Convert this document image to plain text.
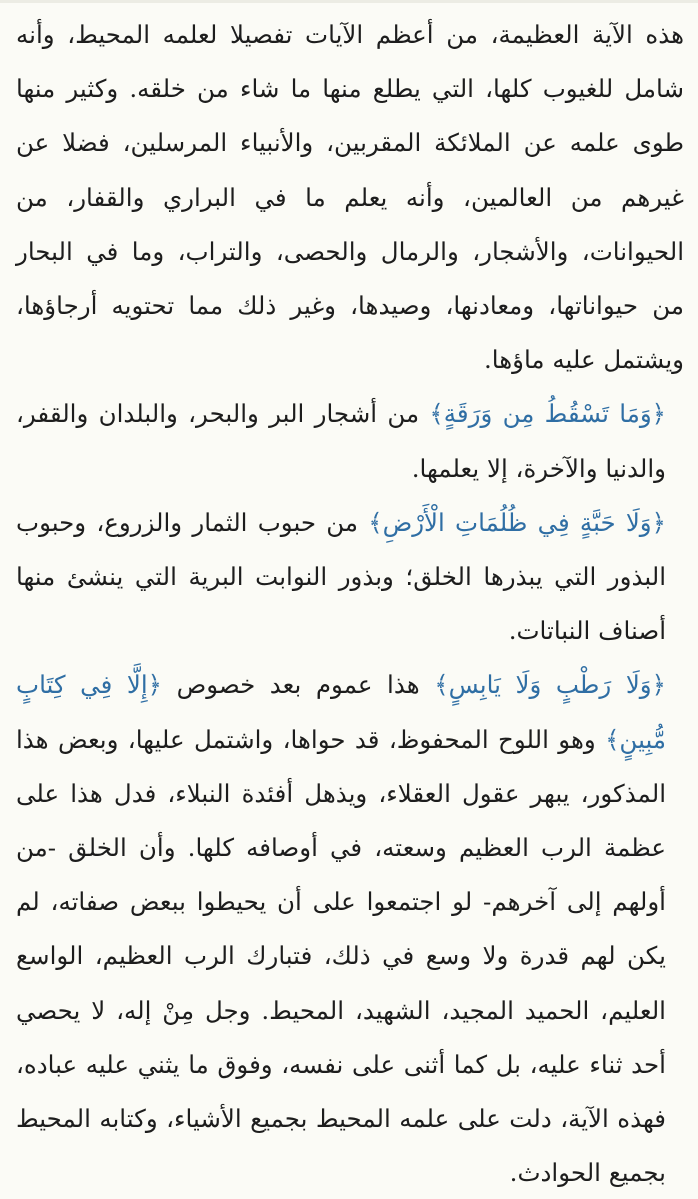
هذه الآية العظيمة، من أعظم الآيات تفصيلا لعلمه المحيط، وأنه شامل للغيوب كلها، التي يطلع منها ما شاء من خلقه. وكثير منها طوى علمه عن الملائكة المقربين، والأنبياء المرسلين، فضلا عن غيرهم من العالمين، وأنه يعلم ما في البراري والقفار، من الحيوانات، والأشجار، والرمال والحصى، والتراب، وما في البحار من حيواناتها، ومعادنها، وصيدها، وغير ذلك مما تحتويه أرجاؤها، ويشتمل عليه ماؤها.

﴿وَمَا تَسْقُطُ مِن وَرَقَةٍ﴾ من أشجار البر والبحر، والبلدان والقفر، والدنيا والآخرة، إلا يعلمها.

﴿وَلَا حَبَّةٍ فِي ظُلُمَاتِ الْأَرْضِ﴾ من حبوب الثمار والزروع، وحبوب البذور التي يبذرها الخلق؛ وبذور النوابت البرية التي ينشئ منها أصناف النباتات.

﴿وَلَا رَطْبٍ وَلَا يَابِسٍ﴾ هذا عموم بعد خصوص ﴿إِلَّا فِي كِتَابٍ مُّبِينٍ﴾ وهو اللوح المحفوظ، قد حواها، واشتمل عليها، وبعض هذا المذكور، يبهر عقول العقلاء، ويذهل أفئدة النبلاء، فدل هذا على عظمة الرب العظيم وسعته، في أوصافه كلها. وأن الخلق -من أولهم إلى آخرهم- لو اجتمعوا على أن يحيطوا ببعض صفاته، لم يكن لهم قدرة ولا وسع في ذلك، فتبارك الرب العظيم، الواسع العليم، الحميد المجيد، الشهيد، المحيط. وجل مِنْ إله، لا يحصي أحد ثناء عليه، بل كما أثنى على نفسه، وفوق ما يثني عليه عباده، فهذه الآية، دلت على علمه المحيط بجميع الأشياء، وكتابه المحيط بجميع الحوادث.
